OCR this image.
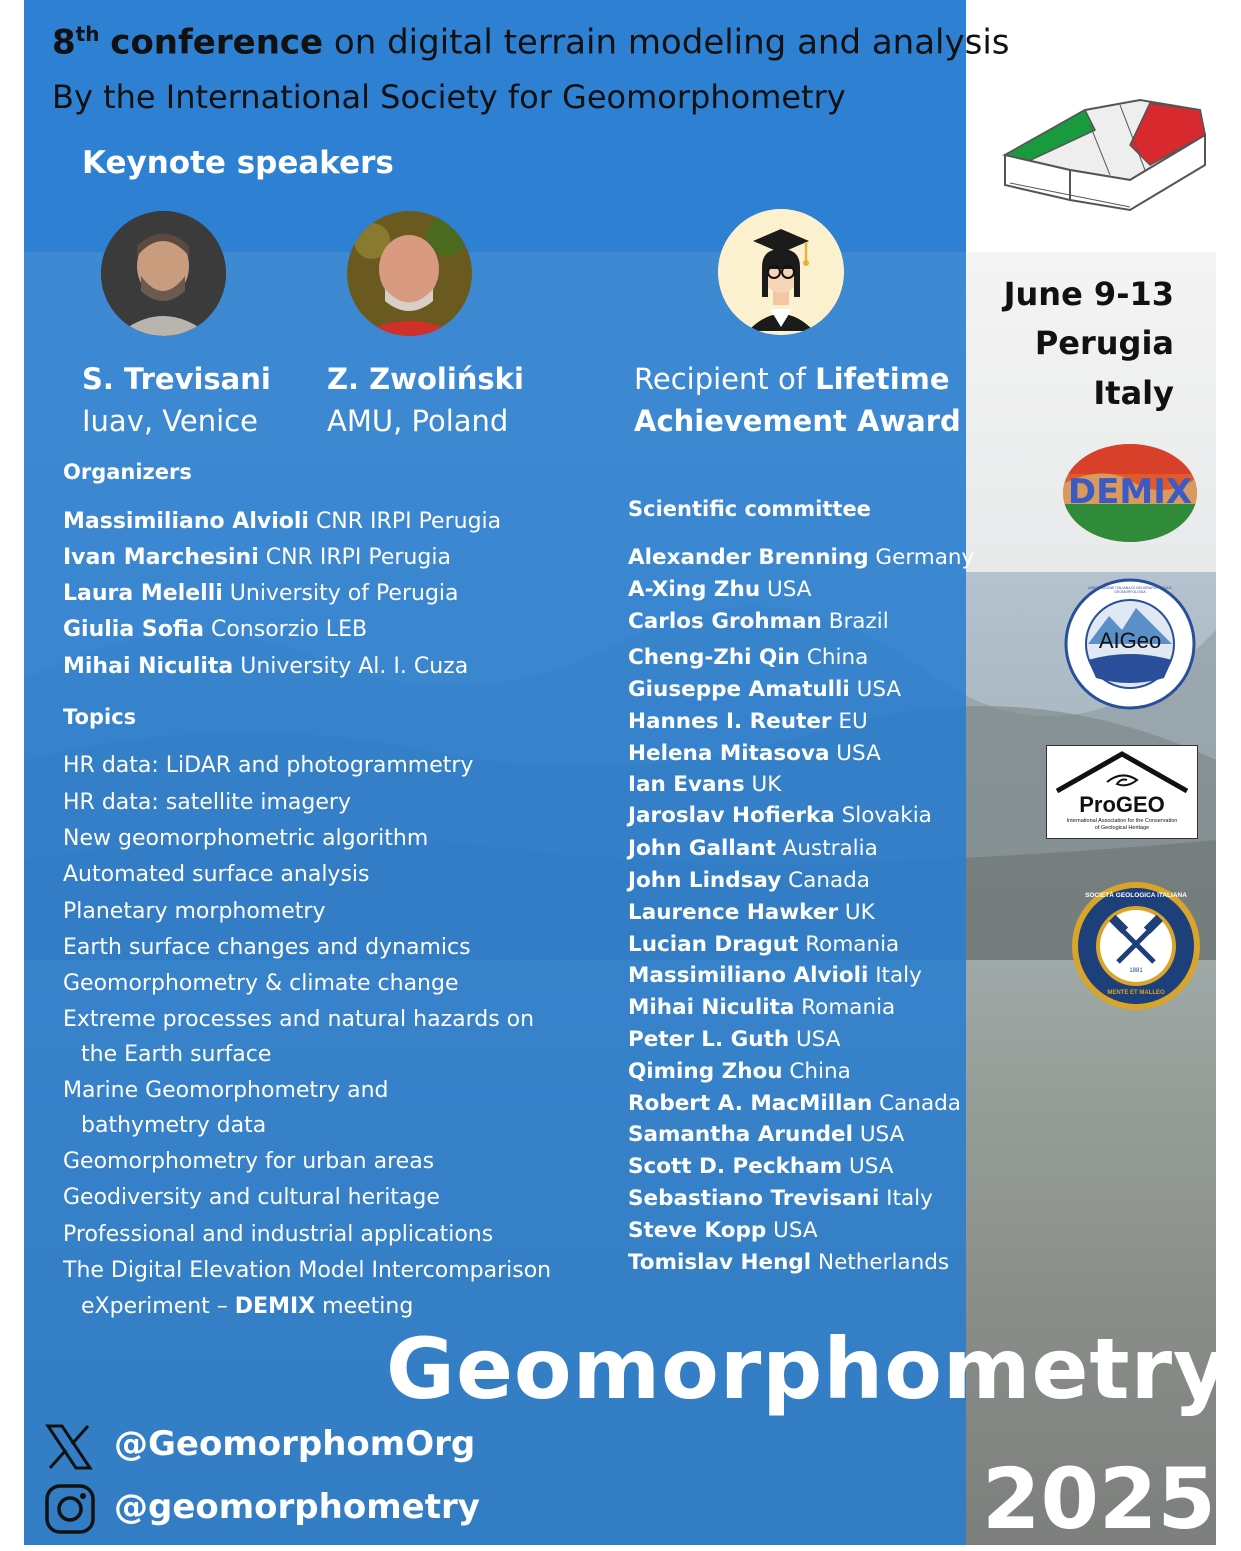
8th conference on digital terrain modeling and analysis
By the International Society for Geomorphometry
Keynote speakers
S. Trevisani
Iuav, Venice
Z. Zwoliński
AMU, Poland
Recipient of Lifetime
Achievement Award
June 9-13
Perugia
Italy
Organizers
Massimiliano Alvioli CNR IRPI Perugia
Ivan Marchesini CNR IRPI Perugia
Laura Melelli University of Perugia
Giulia Sofia Consorzio LEB
Mihai Niculita University Al. I. Cuza
Topics
HR data: LiDAR and photogrammetry
HR data: satellite imagery
New geomorphometric algorithm
Automated surface analysis
Planetary morphometry
Earth surface changes and dynamics
Geomorphometry & climate change
Extreme processes and natural hazards on
the Earth surface
Marine Geomorphometry and
bathymetry data
Geomorphometry for urban areas
Geodiversity and cultural heritage
Professional and industrial applications
The Digital Elevation Model Intercomparison
eXperiment – DEMIX meeting
Scientific committee
Alexander Brenning Germany
A-Xing Zhu USA
Carlos Grohman Brazil
Cheng-Zhi Qin China
Giuseppe Amatulli USA
Hannes I. Reuter EU
Helena Mitasova USA
Ian Evans UK
Jaroslav Hofierka Slovakia
John Gallant Australia
John Lindsay Canada
Laurence Hawker UK
Lucian Dragut Romania
Massimiliano Alvioli Italy
Mihai Niculita Romania
Peter L. Guth USA
Qiming Zhou China
Robert A. MacMillan Canada
Samantha Arundel USA
Scott D. Peckham USA
Sebastiano Trevisani Italy
Steve Kopp USA
Tomislav Hengl Netherlands
DEMIX
AIGeo
ASSOCIAZIONE ITALIANA DI GEOGRAFIA FISICA E GEOMORFOLOGIA
ProGEO
International Association for the Conservation
of Geological Heritage
SOCIETÀ GEOLOGICA ITALIANA
1881
MENTE ET MALLEO
Geomorphometry
2025
@GeomorphomOrg
@geomorphometry
